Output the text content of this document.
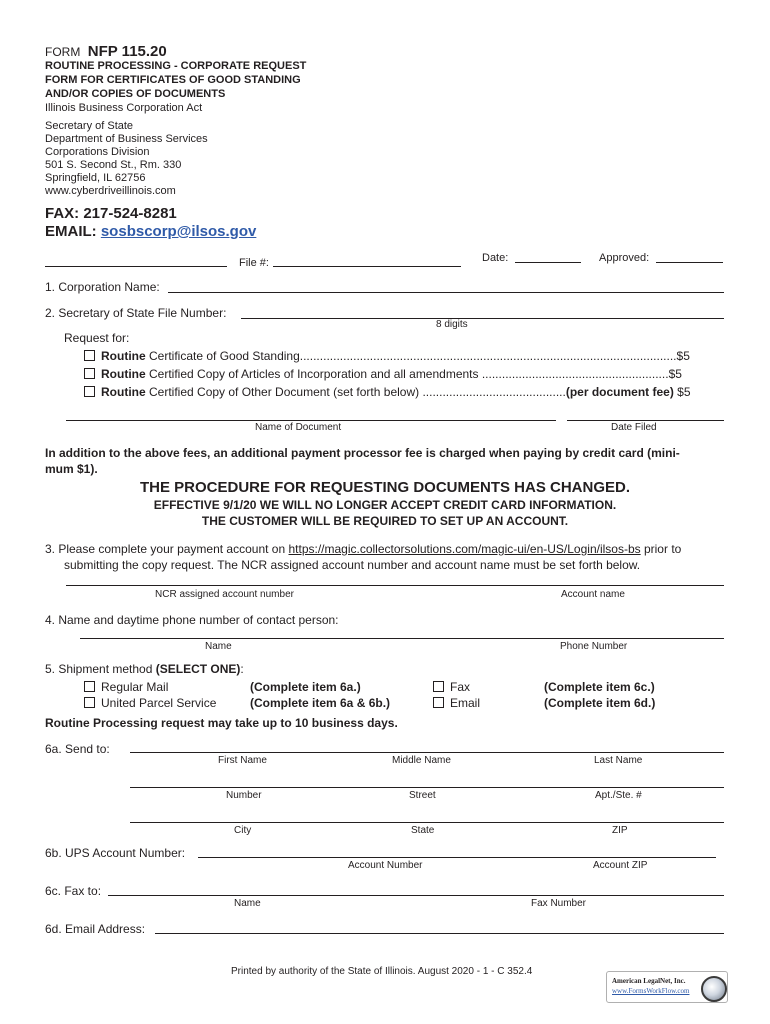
FORM NFP 115.20
ROUTINE PROCESSING - CORPORATE REQUEST
FORM FOR CERTIFICATES OF GOOD STANDING
AND/OR COPIES OF DOCUMENTS
Illinois Business Corporation Act
Secretary of State
Department of Business Services
Corporations Division
501 S. Second St., Rm. 330
Springfield, IL 62756
www.cyberdriveillinois.com
FAX: 217-524-8281
EMAIL: sosbscorp@ilsos.gov
File #:	Date:	Approved:
1. Corporation Name:
2. Secretary of State File Number:
8 digits
Request for:
Routine Certificate of Good Standing.................................................................................................................$5
Routine Certified Copy of Articles of Incorporation and all amendments ........................................................$5
Routine Certified Copy of Other Document (set forth below) ...........................................(per document fee) $5
Name of Document	Date Filed
In addition to the above fees, an additional payment processor fee is charged when paying by credit card (mini-
mum $1).
THE PROCEDURE FOR REQUESTING DOCUMENTS HAS CHANGED.
EFFECTIVE 9/1/20 WE WILL NO LONGER ACCEPT CREDIT CARD INFORMATION.
THE CUSTOMER WILL BE REQUIRED TO SET UP AN ACCOUNT.
3. Please complete your payment account on https://magic.collectorsolutions.com/magic-ui/en-US/Login/ilsos-bs prior to
submitting the copy request. The NCR assigned account number and account name must be set forth below.
NCR assigned account number	Account name
4. Name and daytime phone number of contact person:
Name	Phone Number
5. Shipment method (SELECT ONE):
Regular Mail	(Complete item 6a.)
United Parcel Service	(Complete item 6a & 6b.)
Fax	(Complete item 6c.)
Email	(Complete item 6d.)
Routine Processing request may take up to 10 business days.
6a. Send to:
First Name	Middle Name	Last Name
Number	Street	Apt./Ste. #
City	State	ZIP
6b. UPS Account Number:
Account Number	Account ZIP
6c. Fax to:
Name	Fax Number
6d. Email Address:
Printed by authority of the State of Illinois. August 2020 - 1 - C 352.4
American LegalNet, Inc.
www.FormsWorkFlow.com
